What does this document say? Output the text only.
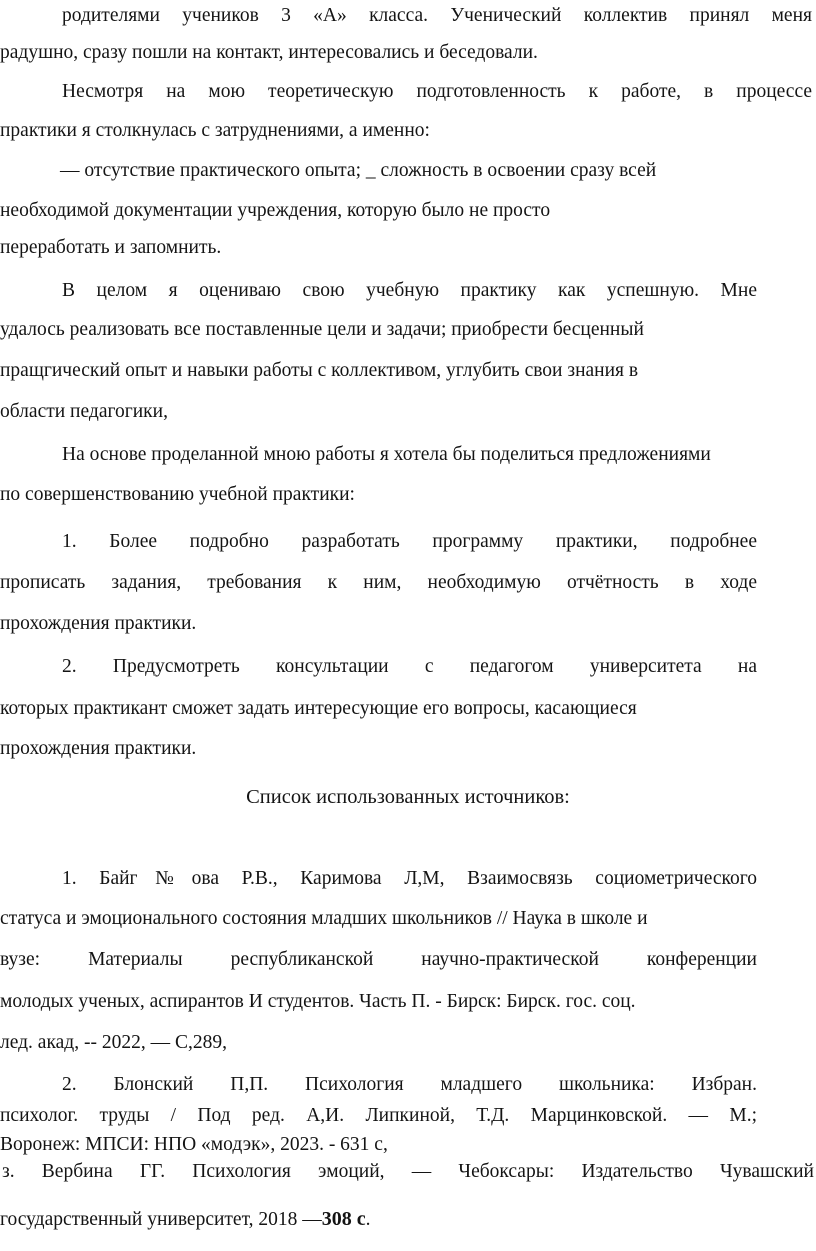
родителями учеников 3 «А» класса. Ученический коллектив принял меня

радушно, сразу пошли на контакт, интересовались и беседовали.

Несмотря на мою теоретическую подготовленность к работе, в процессе

практики я столкнулась с затруднениями, а именно:

— отсутствие практического опыта; _ сложность в освоении сразу всей

необходимой документации учреждения, которую было не просто

переработать и запомнить.

В целом я оцениваю свою учебную практику как успешную. Мне

удалось реализовать все поставленные цели и задачи; приобрести бесценный

пращгический опыт и навыки работы с коллективом, углубить свои знания в

области педагогики,

На основе проделанной мною работы я хотела бы поделиться предложениями

по совершенствованию учебной практики:

1. Более подробно разработать программу практики, подробнее

прописать задания, требования к ним, необходимую отчётность в ходе

прохождения практики.

2. Предусмотреть консультации с педагогом университета на

которых практикант сможет задать интересующие его вопросы, касающиеся

прохождения практики.

Список использованных источников:

1. Байг№ова Р.В., Каримова Л,М, Взаимосвязь социометрического

статуса и эмоционального состояния младших школьников // Наука в школе и

вузе: Материалы республиканской научно-практической конференции

молодых ученых, аспирантов И студентов. Часть П. - Бирск: Бирск. гос. соц.

лед. акад, -- 2022, — С,289,

2. Блонский П,П. Психология младшего школьника: Избран.

психолог. труды / Под ред. А,И. Липкиной, Т.Д. Марцинковской. — М.;

Воронеж: МПСИ: НПО «модэк», 2023. - 631 с,

з. Вербина ГГ. Психология эмоций, — Чебоксары: Издательство Чувашский

государственный университет, 2018 —308 с.
